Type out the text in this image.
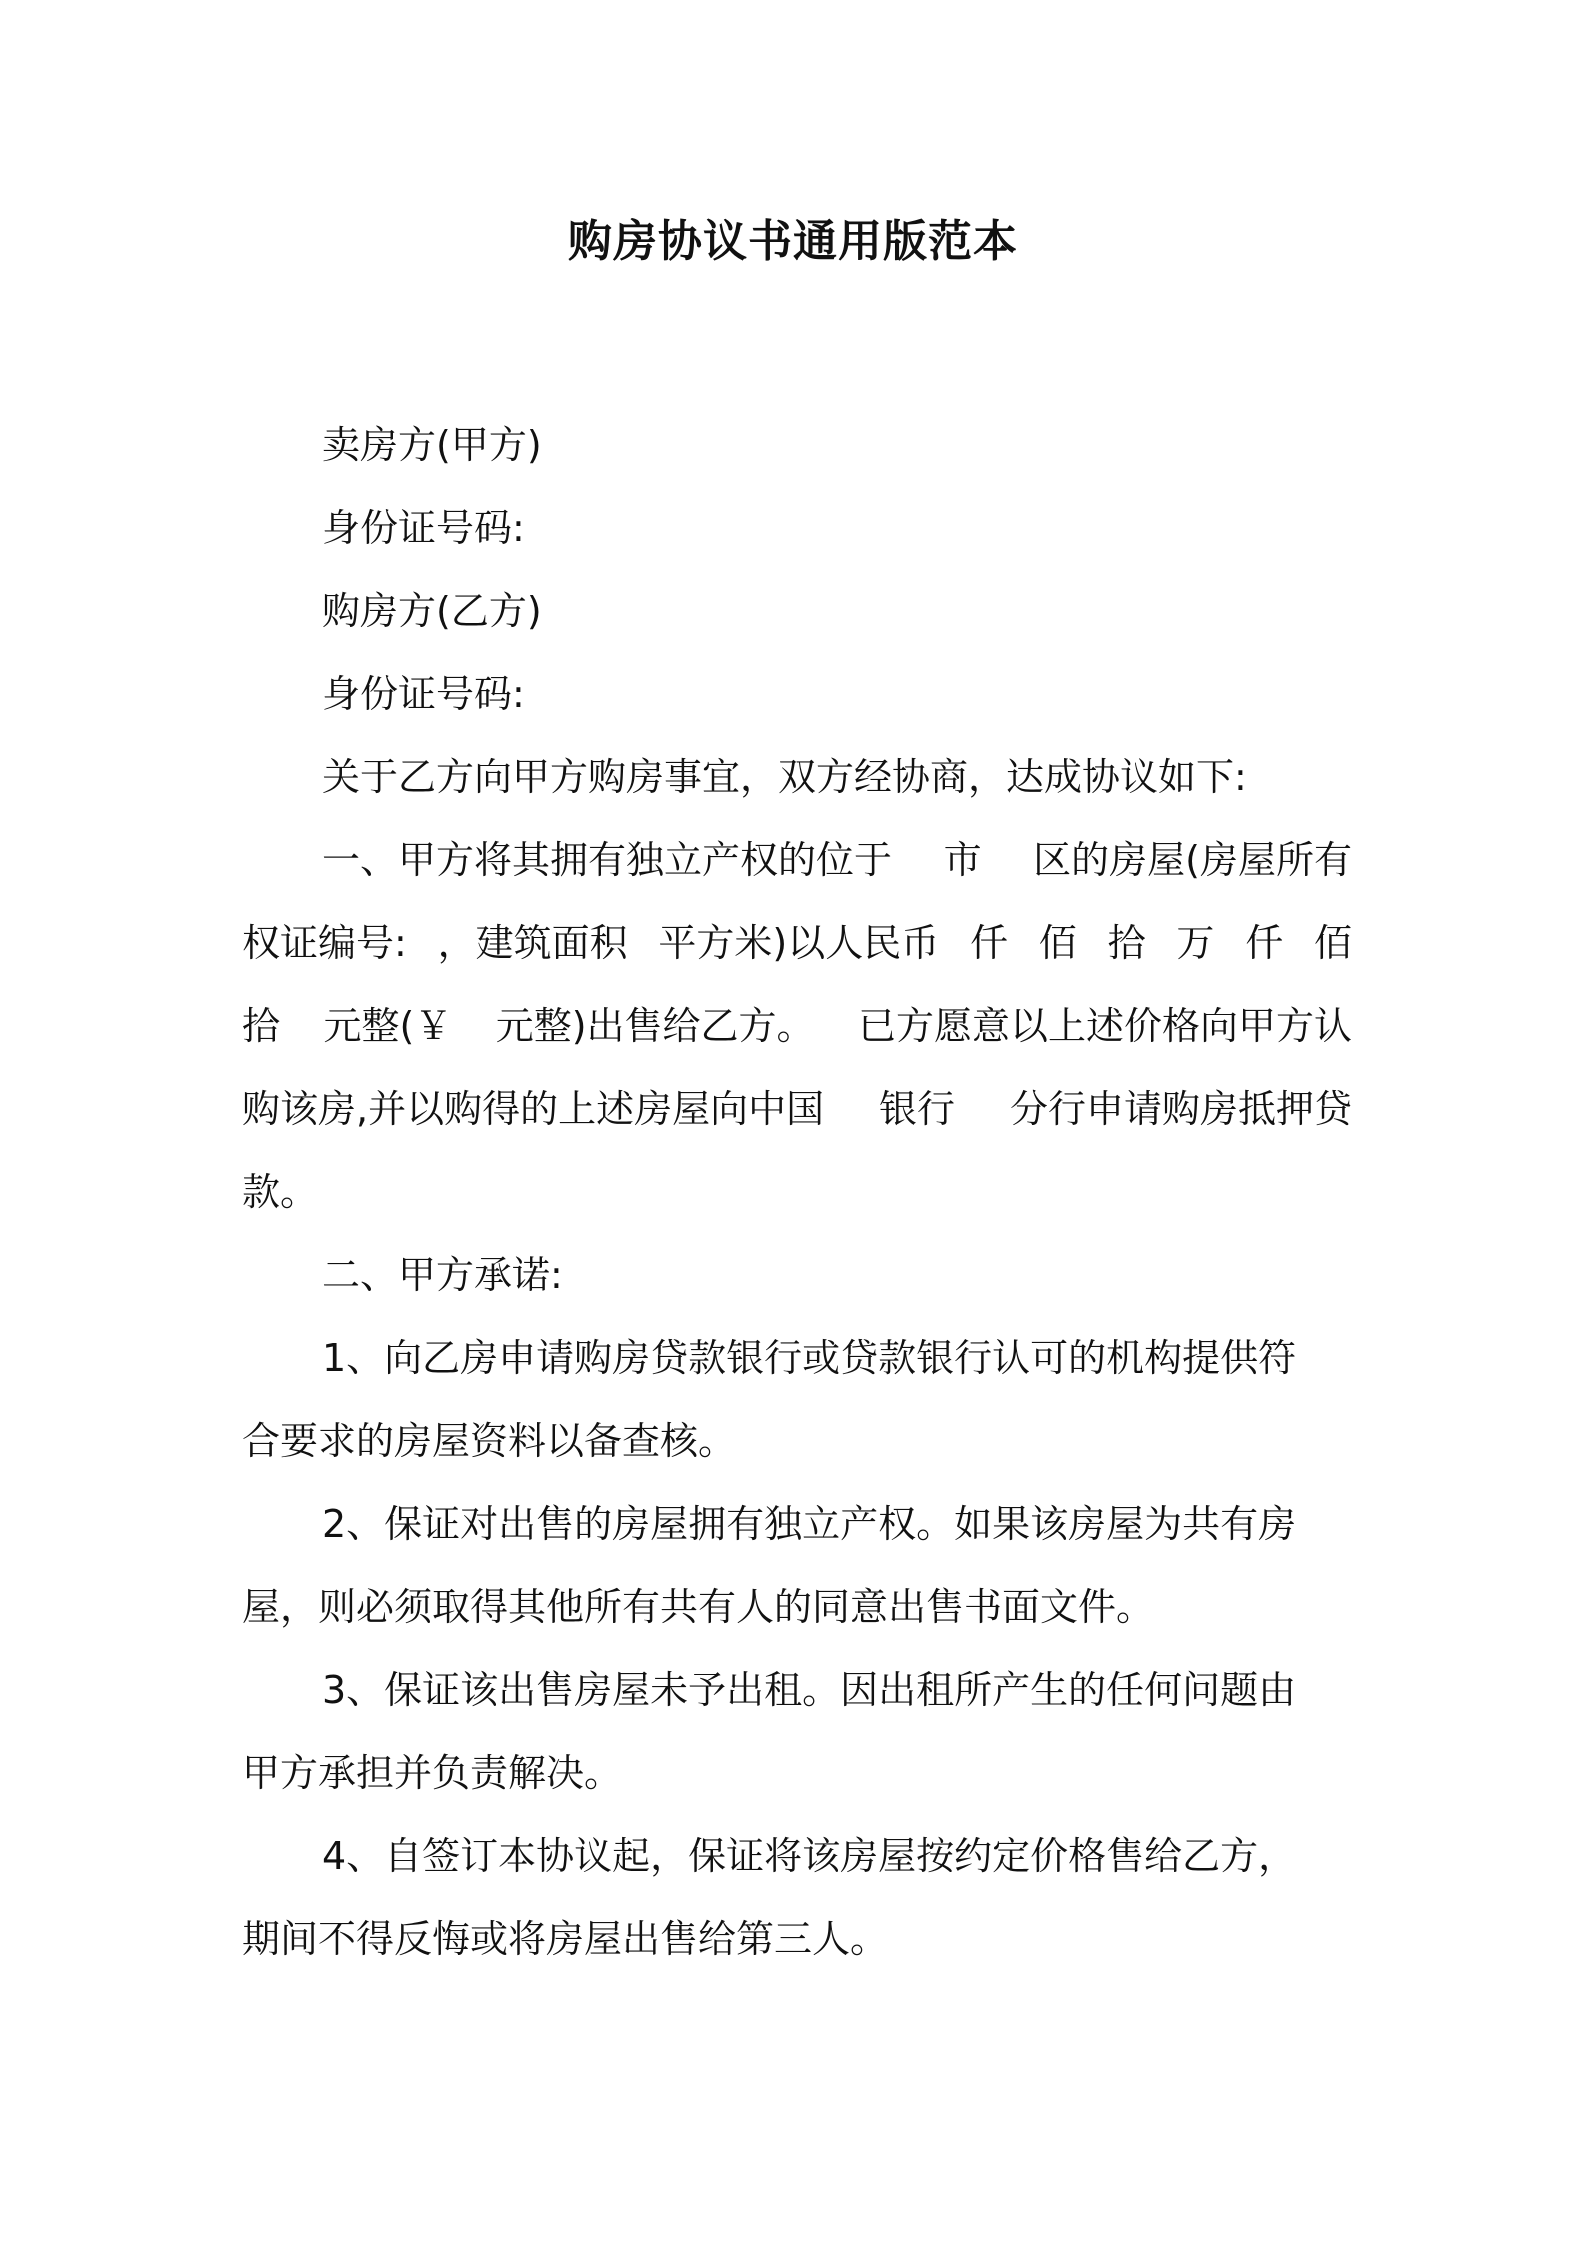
购房协议书通用版范本

卖房方(甲方)

身份证号码:

购房方(乙方)

身份证号码:

关于乙方向甲方购房事宜，双方经协商，达成协议如下:

一、甲方将其拥有独立产权的位于 市 区的房屋(房屋所有

权证编号: ，建筑面积 平方米)以人民币 仟 佰 拾 万 仟 佰

拾 元整(￥ 元整)出售给乙方。 已方愿意以上述价格向甲方认

购该房,并以购得的上述房屋向中国 银行 分行申请购房抵押贷

款。

二、甲方承诺:

1、向乙房申请购房贷款银行或贷款银行认可的机构提供符

合要求的房屋资料以备查核。

2、保证对出售的房屋拥有独立产权。如果该房屋为共有房

屋，则必须取得其他所有共有人的同意出售书面文件。

3、保证该出售房屋未予出租。因出租所产生的任何问题由

甲方承担并负责解决。

4、自签订本协议起，保证将该房屋按约定价格售给乙方，

期间不得反悔或将房屋出售给第三人。
